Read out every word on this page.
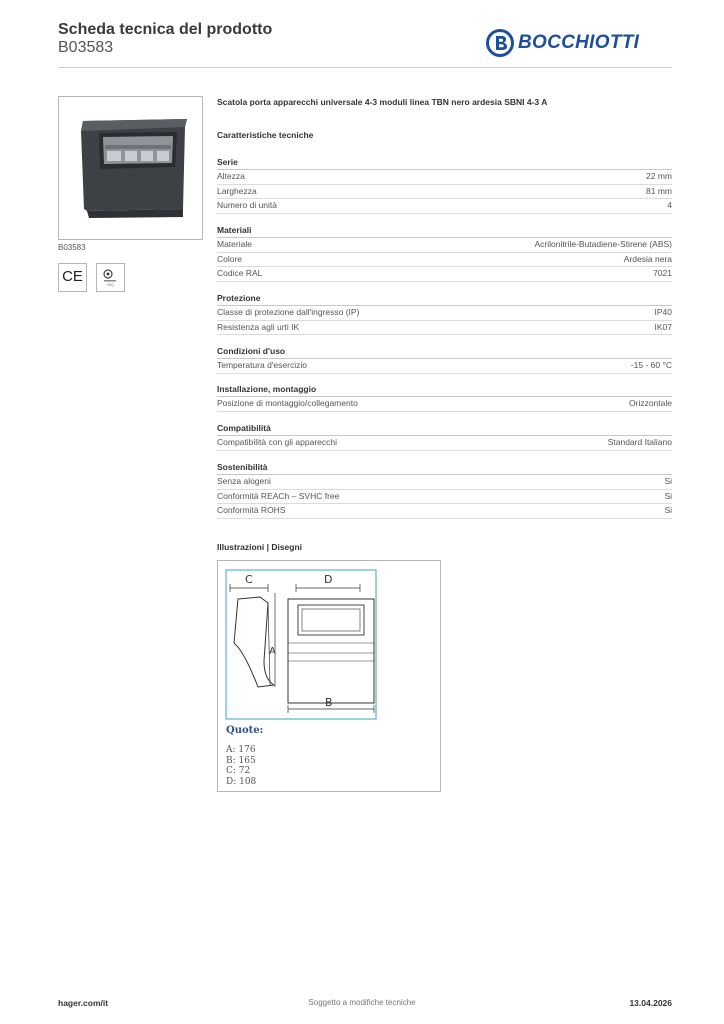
Scheda tecnica del prodotto
B03583	BOCCHIOTTI
B03583
CE	IMQ
Scatola porta apparecchi universale 4-3 moduli linea TBN nero ardesia SBNI 4-3 A
Caratteristiche tecniche
Serie
Altezza	22 mm
Larghezza	81 mm
Numero di unità	4
Materiali
Materiale	Acrilonitrile-Butadiene-Stirene (ABS)
Colore	Ardesia nera
Codice RAL	7021
Protezione
Classe di protezione dall'ingresso (IP)	IP40
Resistenza agli urti IK	IK07
Condizioni d'uso
Temperatura d'esercizio	-15 - 60 °C
Installazione, montaggio
Posizione di montaggio/collegamento	Orizzontale
Compatibilità
Compatibilità con gli apparecchi	Standard Italiano
Sostenibilità
Senza alogeni	Si
Conformità REACh – SVHC free	Si
Conformità ROHS	Si
Illustrazioni | Disegni
C
A
D
B
Quote:
A: 176
B: 165
C: 72
D: 108
Soggetto a modifiche tecniche
hager.com/it	13.04.2026
